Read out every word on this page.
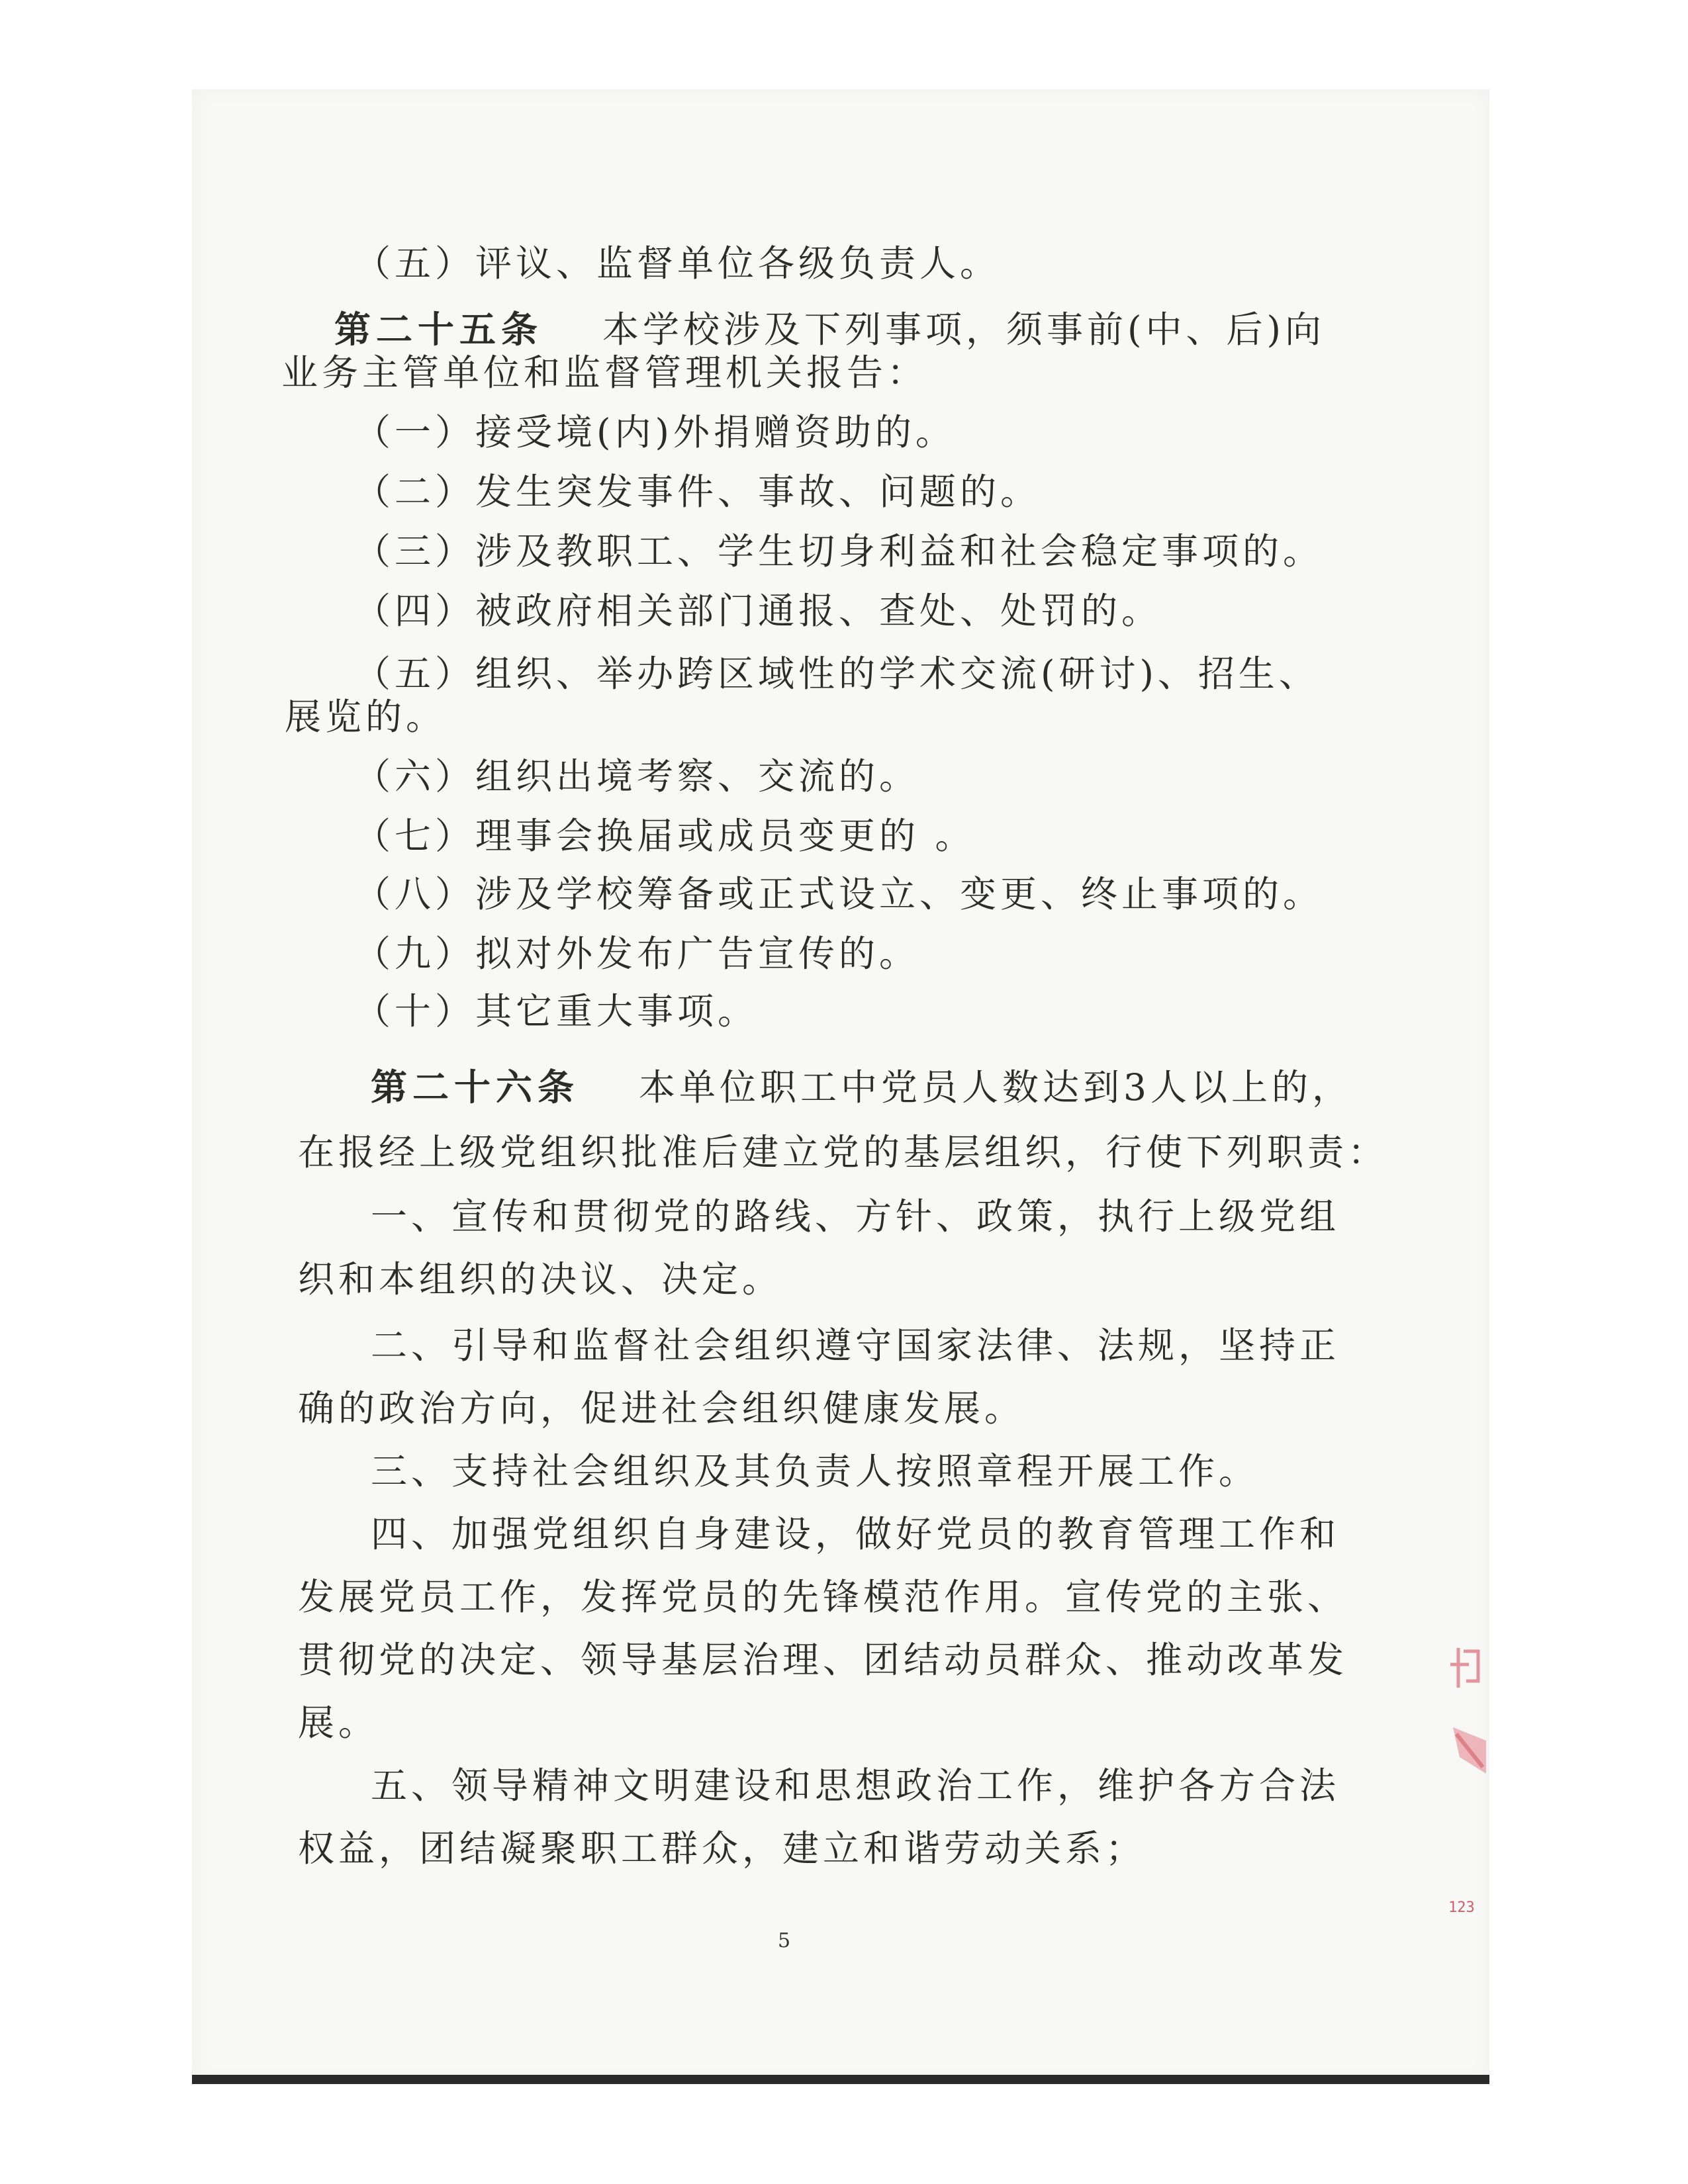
（五）评议、监督单位各级负责人。

第二十五条 本学校涉及下列事项，须事前(中、后)向

业务主管单位和监督管理机关报告：

（一）接受境(内)外捐赠资助的。

（二）发生突发事件、事故、问题的。

（三）涉及教职工、学生切身利益和社会稳定事项的。

（四）被政府相关部门通报、查处、处罚的。

（五）组织、举办跨区域性的学术交流(研讨)、招生、

展览的。

（六）组织出境考察、交流的。

（七）理事会换届或成员变更的 。

（八）涉及学校筹备或正式设立、变更、终止事项的。

（九）拟对外发布广告宣传的。

（十）其它重大事项。

第二十六条 本单位职工中党员人数达到3人以上的，

在报经上级党组织批准后建立党的基层组织，行使下列职责：

一、宣传和贯彻党的路线、方针、政策，执行上级党组

织和本组织的决议、决定。

二、引导和监督社会组织遵守国家法律、法规，坚持正

确的政治方向，促进社会组织健康发展。

三、支持社会组织及其负责人按照章程开展工作。

四、加强党组织自身建设，做好党员的教育管理工作和

发展党员工作，发挥党员的先锋模范作用。宣传党的主张、

贯彻党的决定、领导基层治理、团结动员群众、推动改革发

展。

五、领导精神文明建设和思想政治工作，维护各方合法

权益，团结凝聚职工群众，建立和谐劳动关系；

5
123
